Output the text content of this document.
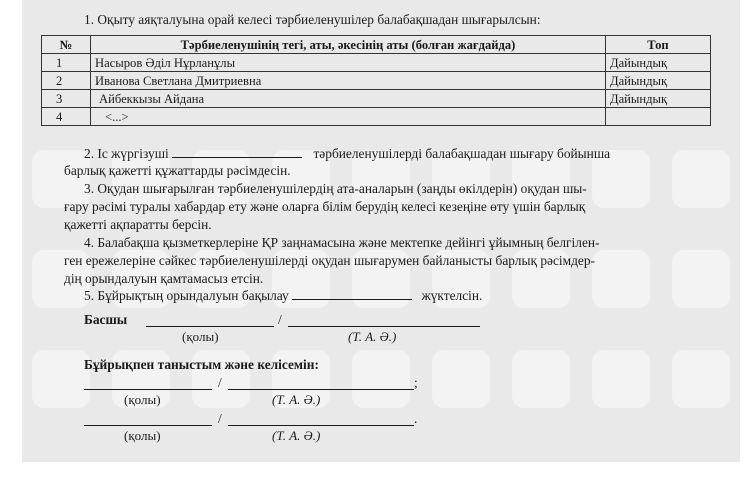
1. Оқыту аяқталуына орай келесі тәрбиеленушілер балабақшадан шығарылсын:
№	Тәрбиеленушінің тегі, аты, әкесінің аты (болған жағдайда)	Топ
1	Насыров Әділ Нұрланұлы	Дайындық
2	Иванова Светлана Дмитриевна	Дайындық
3	Айбеккызы Айдана	Дайындық
4	<...>	
2. Іс жүргізуші	тәрбиеленушілерді балабақшадан шығару бойынша
барлық қажетті құжаттарды рәсімдесін.
3. Оқудан шығарылған тәрбиеленушілердің ата-аналарын (заңды өкілдерін) оқудан шы-
ғару рәсімі туралы хабардар ету және оларға білім берудің келесі кезеңіне өту үшін барлық
қажетті ақпаратты берсін.
4. Балабақша қызметкерлеріне ҚР заңнамасына және мектепке дейінгі ұйымның белгілен-
ген ережелеріне сәйкес тәрбиеленушілерді оқудан шығарумен байланысты барлық рәсімдер-
дің орындалуын қамтамасыз етсін.
5. Бұйрықтың орындалуын бақылау	жүктелсін.
Басшы	/
(қолы)	(Т. А. Ә.)
Бұйрықпен таныстым және келісемін:
/	;
(қолы)	(Т. А. Ә.)
/	.
(қолы)	(Т. А. Ә.)
